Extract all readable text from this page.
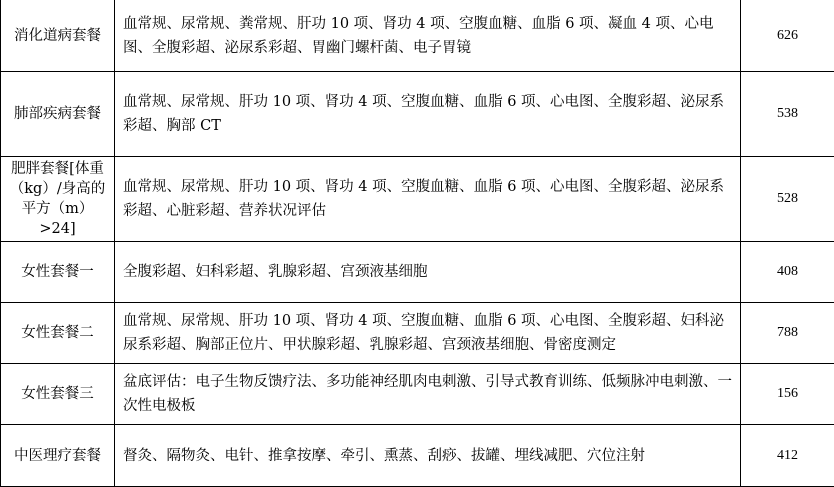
消化道病套餐	血常规、尿常规、粪常规、肝功 10 项、肾功 4 项、空腹血糖、血脂 6 项、凝血 4 项、心电图、全腹彩超、泌尿系彩超、胃幽门螺杆菌、电子胃镜	626
肺部疾病套餐	血常规、尿常规、肝功 10 项、肾功 4 项、空腹血糖、血脂 6 项、心电图、全腹彩超、泌尿系彩超、胸部 CT	538
肥胖套餐[体重（kg）/身高的平方（m）>24]	血常规、尿常规、肝功 10 项、肾功 4 项、空腹血糖、血脂 6 项、心电图、全腹彩超、泌尿系彩超、心脏彩超、营养状况评估	528
女性套餐一	全腹彩超、妇科彩超、乳腺彩超、宫颈液基细胞	408
女性套餐二	血常规、尿常规、肝功 10 项、肾功 4 项、空腹血糖、血脂 6 项、心电图、全腹彩超、妇科泌尿系彩超、胸部正位片、甲状腺彩超、乳腺彩超、宫颈液基细胞、骨密度测定	788
女性套餐三	盆底评估：电子生物反馈疗法、多功能神经肌肉电刺激、引导式教育训练、低频脉冲电刺激、一次性电极板	156
中医理疗套餐	督灸、隔物灸、电针、推拿按摩、牵引、熏蒸、刮痧、拔罐、埋线减肥、穴位注射	412
